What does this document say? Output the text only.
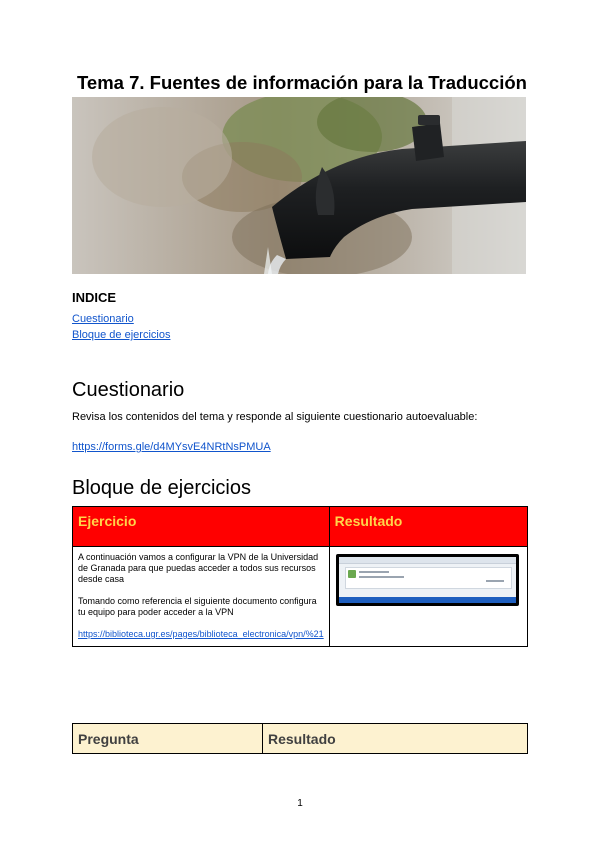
Tema 7. Fuentes de información para la Traducción
INDICE
Cuestionario
Bloque de ejercicios
Cuestionario

Revisa los contenidos del tema y responde al siguiente cuestionario autoevaluable:

https://forms.gle/d4MYsvE4NRtNsPMUA

Bloque de ejercicios
Ejercicio	Resultado

A continuación vamos a configurar la VPN de la Universidad de Granada para que puedas acceder a todos sus recursos desde casa

Tomando como referencia el siguiente documento configura tu equipo para poder acceder a la VPN

https://biblioteca.ugr.es/pages/biblioteca_electronica/vpn/%21	

Pregunta	Resultado
1
